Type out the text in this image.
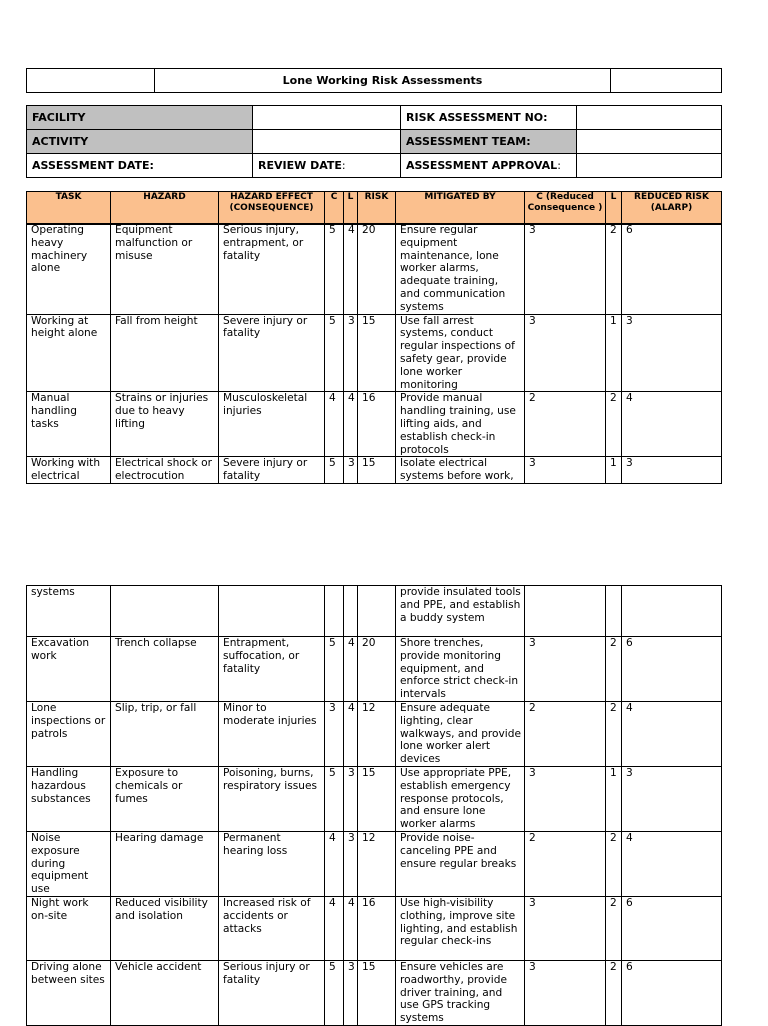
	Lone Working Risk Assessments	
FACILITY		RISK ASSESSMENT NO:	
ACTIVITY		ASSESSMENT TEAM:	
ASSESSMENT DATE:	REVIEW DATE:	ASSESSMENT APPROVAL:	
TASK	HAZARD	HAZARD EFFECT (CONSEQUENCE)	C	L	RISK	MITIGATED BY	C (Reduced Consequence )	L	REDUCED RISK (ALARP)
Operating heavy machinery alone	Equipment malfunction or misuse	Serious injury, entrapment, or fatality	5	4	20	Ensure regular equipment maintenance, lone worker alarms, adequate training, and communication systems	3	2	6
Working at height alone	Fall from height	Severe injury or fatality	5	3	15	Use fall arrest systems, conduct regular inspections of safety gear, provide lone worker monitoring	3	1	3
Manual handling tasks	Strains or injuries due to heavy lifting	Musculoskeletal injuries	4	4	16	Provide manual handling training, use lifting aids, and establish check-in protocols	2	2	4
Working with electrical	Electrical shock or electrocution	Severe injury or fatality	5	3	15	Isolate electrical systems before work,	3	1	3
systems						provide insulated tools and PPE, and establish a buddy system			
Excavation work	Trench collapse	Entrapment, suffocation, or fatality	5	4	20	Shore trenches, provide monitoring equipment, and enforce strict check-in intervals	3	2	6
Lone inspections or patrols	Slip, trip, or fall	Minor to moderate injuries	3	4	12	Ensure adequate lighting, clear walkways, and provide lone worker alert devices	2	2	4
Handling hazardous substances	Exposure to chemicals or fumes	Poisoning, burns, respiratory issues	5	3	15	Use appropriate PPE, establish emergency response protocols, and ensure lone worker alarms	3	1	3
Noise exposure during equipment use	Hearing damage	Permanent hearing loss	4	3	12	Provide noise-canceling PPE and ensure regular breaks	2	2	4
Night work on-site	Reduced visibility and isolation	Increased risk of accidents or attacks	4	4	16	Use high-visibility clothing, improve site lighting, and establish regular check-ins	3	2	6
Driving alone between sites	Vehicle accident	Serious injury or fatality	5	3	15	Ensure vehicles are roadworthy, provide driver training, and use GPS tracking systems	3	2	6
